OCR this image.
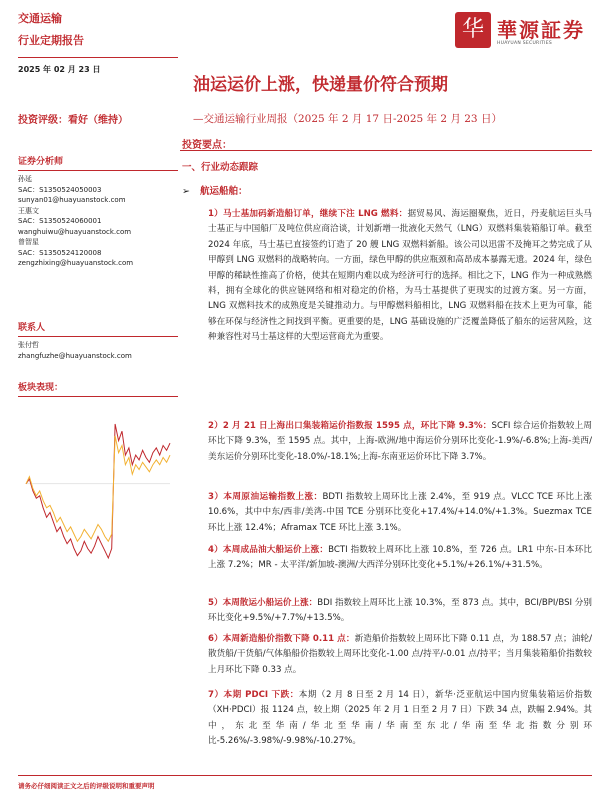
交通运输
行业定期报告
2025 年 02 月 23 日
华 華源証券
HUAYUAN SECURITIES
油运运价上涨，快递量价符合预期
—交通运输行业周报（2025 年 2 月 17 日-2025 年 2 月 23 日）
投资评级：看好（维持）
投资要点：
一、行业动态跟踪
➢ 航运船舶：
证券分析师
孙延
SAC：S1350524050003
sunyan01@huayuanstock.com
王惠文
SAC：S1350524060001
wanghuiwu@huayuanstock.com
曾智星
SAC：S1350524120008
zengzhixing@huayuanstock.com
联系人
张付哲
zhangfuzhe@huayuanstock.com
板块表现：
1）马士基加码新造船订单，继续下注 LNG 燃料：据贸易风、海运圈聚焦，近日，丹麦航运巨头马士基正与中国船厂及吨位供应商洽谈，计划新增一批液化天然气（LNG）双燃料集装箱船订单。截至 2024 年底，马士基已直接签约订造了 20 艘 LNG 双燃料新船。该公司以迅雷不及掩耳之势完成了从甲醇到 LNG 双燃料的战略转向。一方面，绿色甲醇的供应瓶颈和高昂成本暴露无遗。2024 年，绿色甲醇的稀缺性推高了价格，使其在短期内难以成为经济可行的选择。相比之下，LNG 作为一种成熟燃料，拥有全球化的供应链网络和相对稳定的价格，为马士基提供了更现实的过渡方案。另一方面，LNG 双燃料技术的成熟度是关键推动力。与甲醇燃料船相比，LNG 双燃料船在技术上更为可靠，能够在环保与经济性之间找到平衡。更重要的是，LNG 基础设施的广泛覆盖降低了船东的运营风险，这种兼容性对马士基这样的大型运营商尤为重要。
2）2 月 21 日上海出口集装箱运价指数报 1595 点，环比下降 9.3%：SCFI 综合运价指数较上周环比下降 9.3%，至 1595 点。其中，上海-欧洲/地中海运价分别环比变化-1.9%/-6.8%;上海-美西/美东运价分别环比变化-18.0%/-18.1%;上海-东南亚运价环比下降 3.7%。
3）本周原油运输指数上涨：BDTI 指数较上周环比上涨 2.4%，至 919 点。VLCC TCE 环比上涨 10.6%，其中中东/西非/美湾-中国 TCE 分别环比变化+17.4%/+14.0%/+1.3%。Suezmax TCE 环比上涨 12.4%；Aframax TCE 环比上涨 3.1%。
4）本周成品油大船运价上涨：BCTI 指数较上周环比上涨 10.8%，至 726 点。LR1 中东-日本环比上涨 7.2%；MR - 太平洋/新加坡-澳洲/大西洋分别环比变化+5.1%/+26.1%/+31.5%。
5）本周散运小船运价上涨：BDI 指数较上周环比上涨 10.3%，至 873 点。其中，BCI/BPI/BSI 分别环比变化+9.5%/+7.7%/+13.5%。
6）本周新造船价指数下降 0.11 点：新造船价指数较上周环比下降 0.11 点，为 188.57 点；油轮/散货船/干货船/气体船船价指数较上周环比变化-1.00 点/持平/-0.01 点/持平；当月集装箱船价指数较上月环比下降 0.33 点。
7）本期 PDCI 下跌：本期（2 月 8 日至 2 月 14 日），新华·泛亚航运中国内贸集装箱运价指数（XH·PDCI）报 1124 点，较上期（2025 年 2 月 1 日至 2 月 7 日）下跌 34 点，跌幅 2.94%。其中，东北至华南/华北至华南/华南至东北/华南至华北指数分别环比-5.26%/-3.98%/-9.98%/-10.27%。
请务必仔细阅读正文之后的评级说明和重要声明
